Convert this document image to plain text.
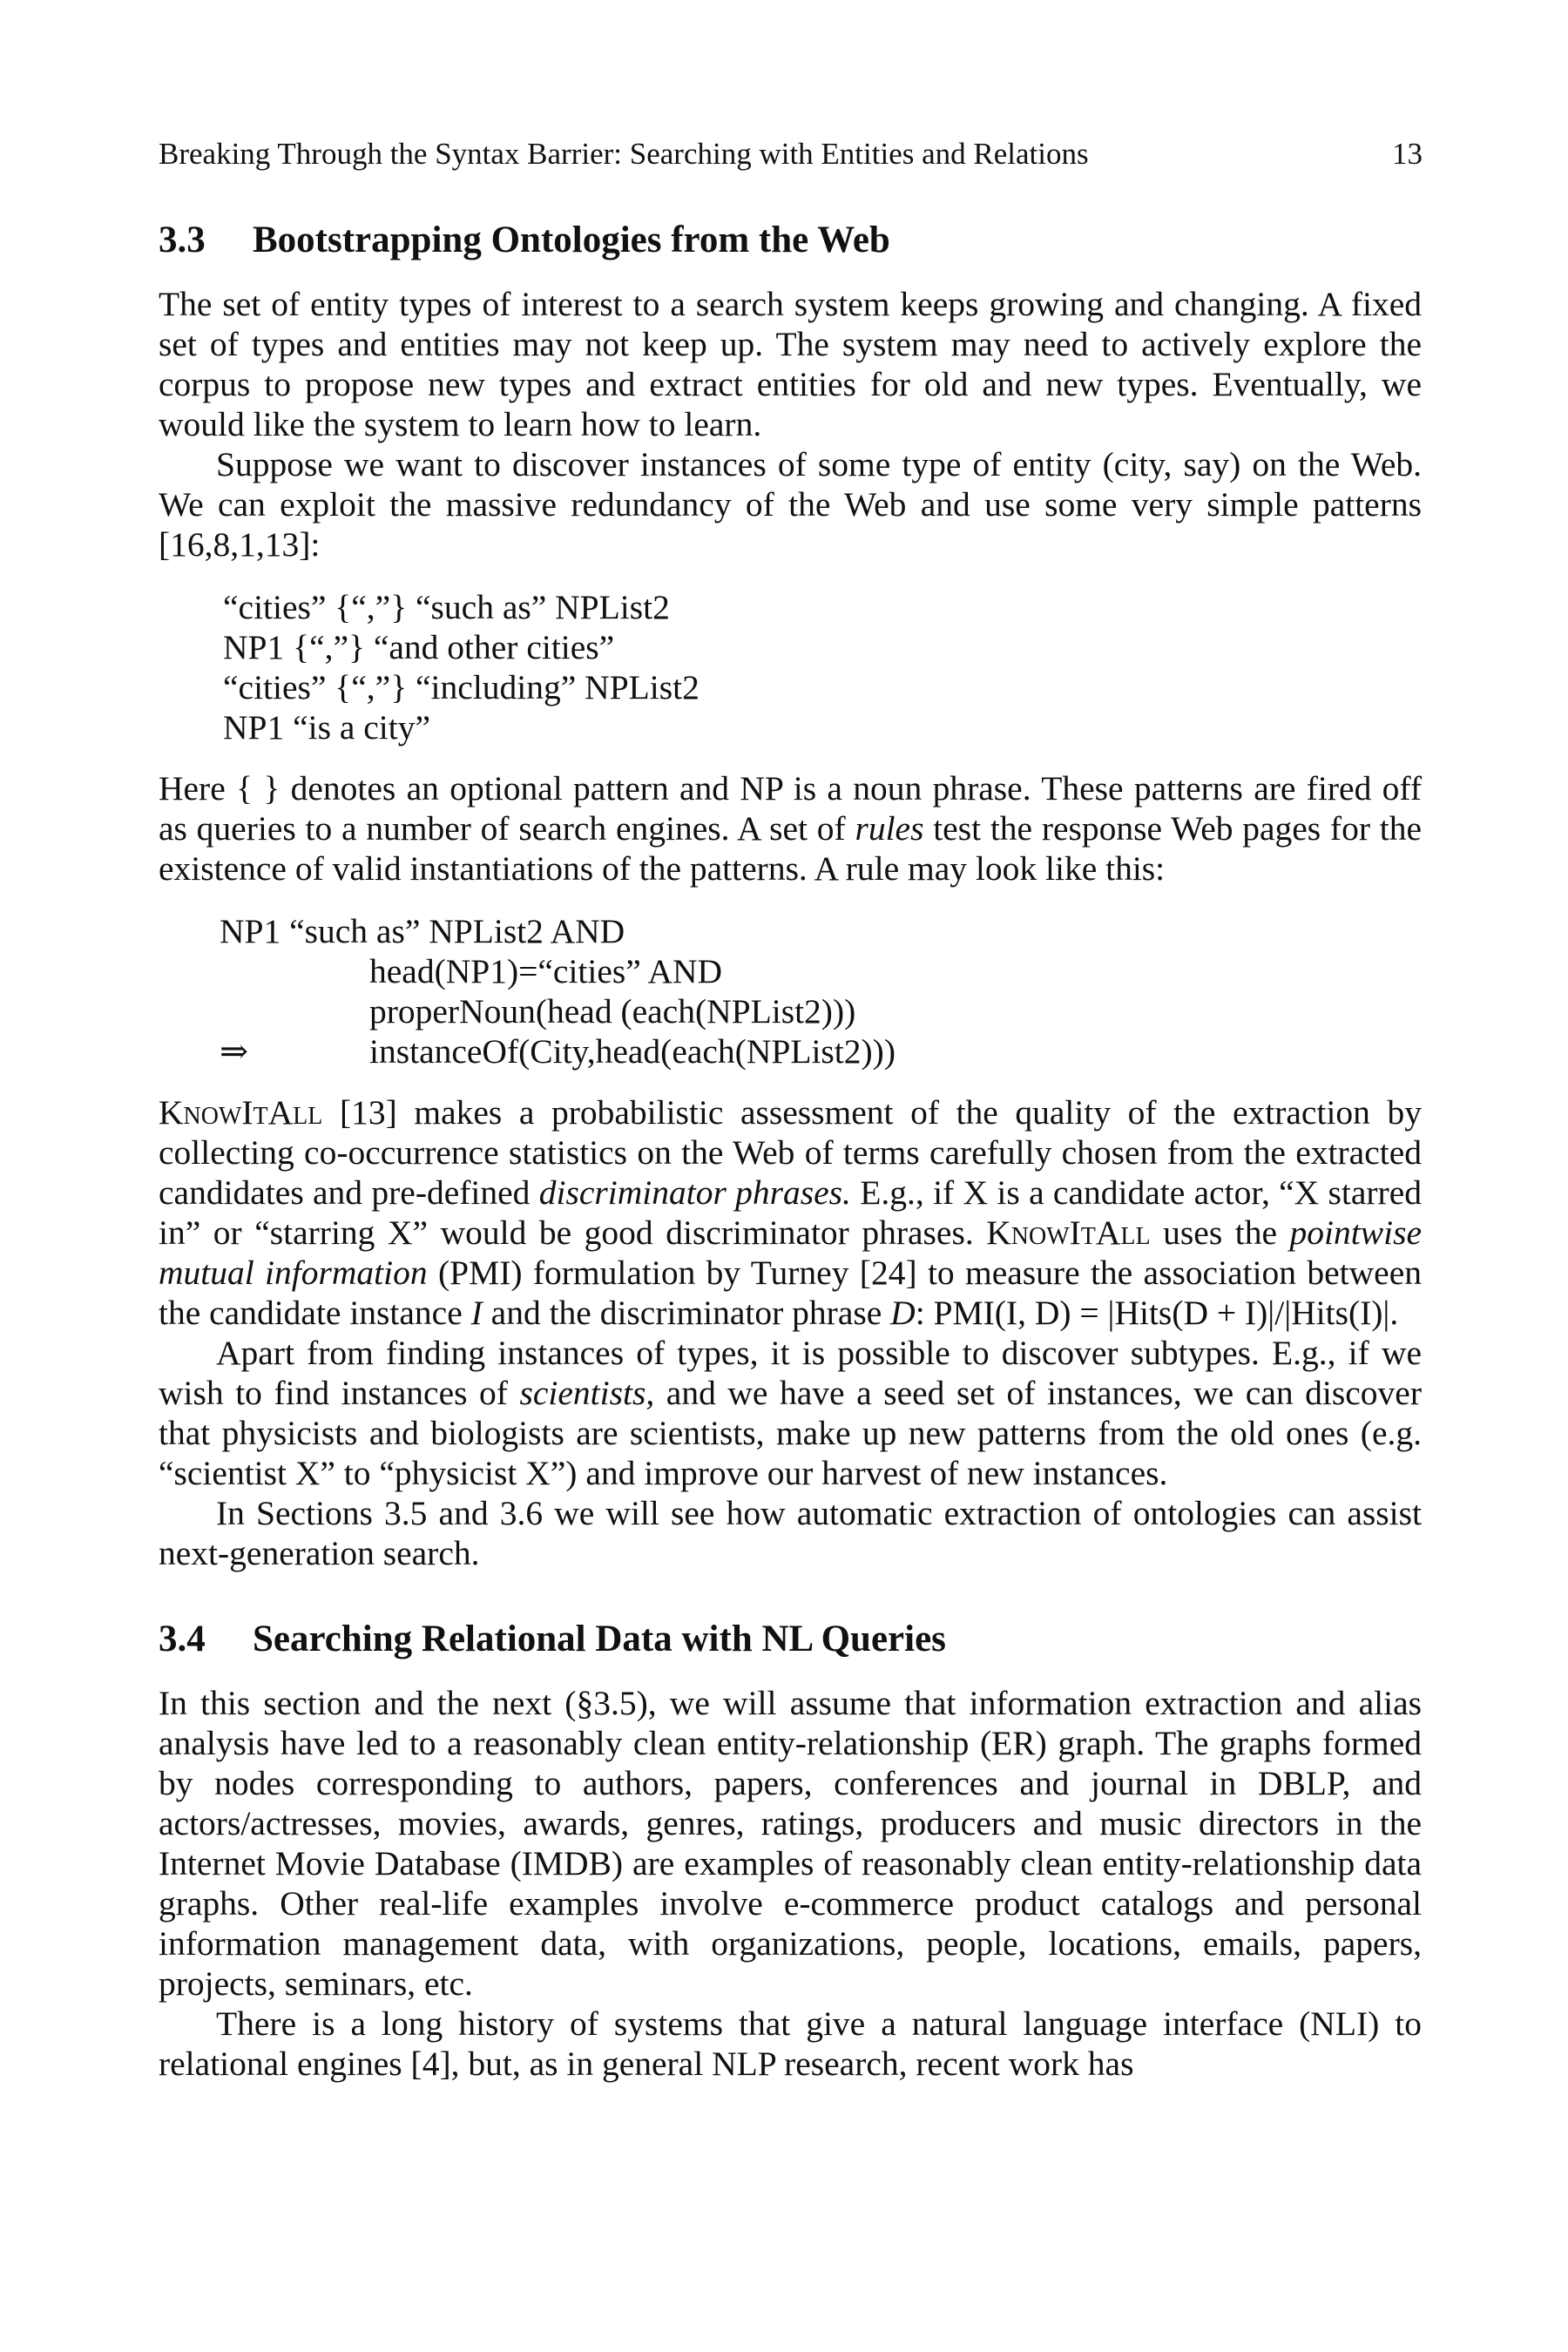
Breaking Through the Syntax Barrier: Searching with Entities and Relations	13
3.3 Bootstrapping Ontologies from the Web

The set of entity types of interest to a search system keeps growing and changing. A fixed set of types and entities may not keep up. The system may need to actively explore the corpus to propose new types and extract entities for old and new types. Eventually, we would like the system to learn how to learn.

Suppose we want to discover instances of some type of entity (city, say) on the Web. We can exploit the massive redundancy of the Web and use some very simple patterns [16,8,1,13]:

“cities” {“,”} “such as” NPList2
NP1 {“,”} “and other cities”
“cities” {“,”} “including” NPList2
NP1 “is a city”

Here { } denotes an optional pattern and NP is a noun phrase. These patterns are fired off as queries to a number of search engines. A set of rules test the response Web pages for the existence of valid instantiations of the patterns. A rule may look like this:

NP1 “such as” NPList2 AND
head(NP1)=“cities” AND
properNoun(head (each(NPList2)))
⇒	instanceOf(City,head(each(NPList2)))

KnowItAll [13] makes a probabilistic assessment of the quality of the extraction by collecting co-occurrence statistics on the Web of terms carefully chosen from the extracted candidates and pre-defined discriminator phrases. E.g., if X is a candidate actor, “X starred in” or “starring X” would be good discriminator phrases. KnowItAll uses the pointwise mutual information (PMI) formulation by Turney [24] to measure the association between the candidate instance I and the discriminator phrase D: PMI(I, D) = |Hits(D + I)|/|Hits(I)|.

Apart from finding instances of types, it is possible to discover subtypes. E.g., if we wish to find instances of scientists, and we have a seed set of instances, we can discover that physicists and biologists are scientists, make up new patterns from the old ones (e.g. “scientist X” to “physicist X”) and improve our harvest of new instances.

In Sections 3.5 and 3.6 we will see how automatic extraction of ontologies can assist next-generation search.

3.4 Searching Relational Data with NL Queries

In this section and the next (§3.5), we will assume that information extraction and alias analysis have led to a reasonably clean entity-relationship (ER) graph. The graphs formed by nodes corresponding to authors, papers, conferences and journal in DBLP, and actors/actresses, movies, awards, genres, ratings, producers and music directors in the Internet Movie Database (IMDB) are examples of reasonably clean entity-relationship data graphs. Other real-life examples involve e-commerce product catalogs and personal information management data, with organizations, people, locations, emails, papers, projects, seminars, etc.

There is a long history of systems that give a natural language interface (NLI) to relational engines [4], but, as in general NLP research, recent work has
